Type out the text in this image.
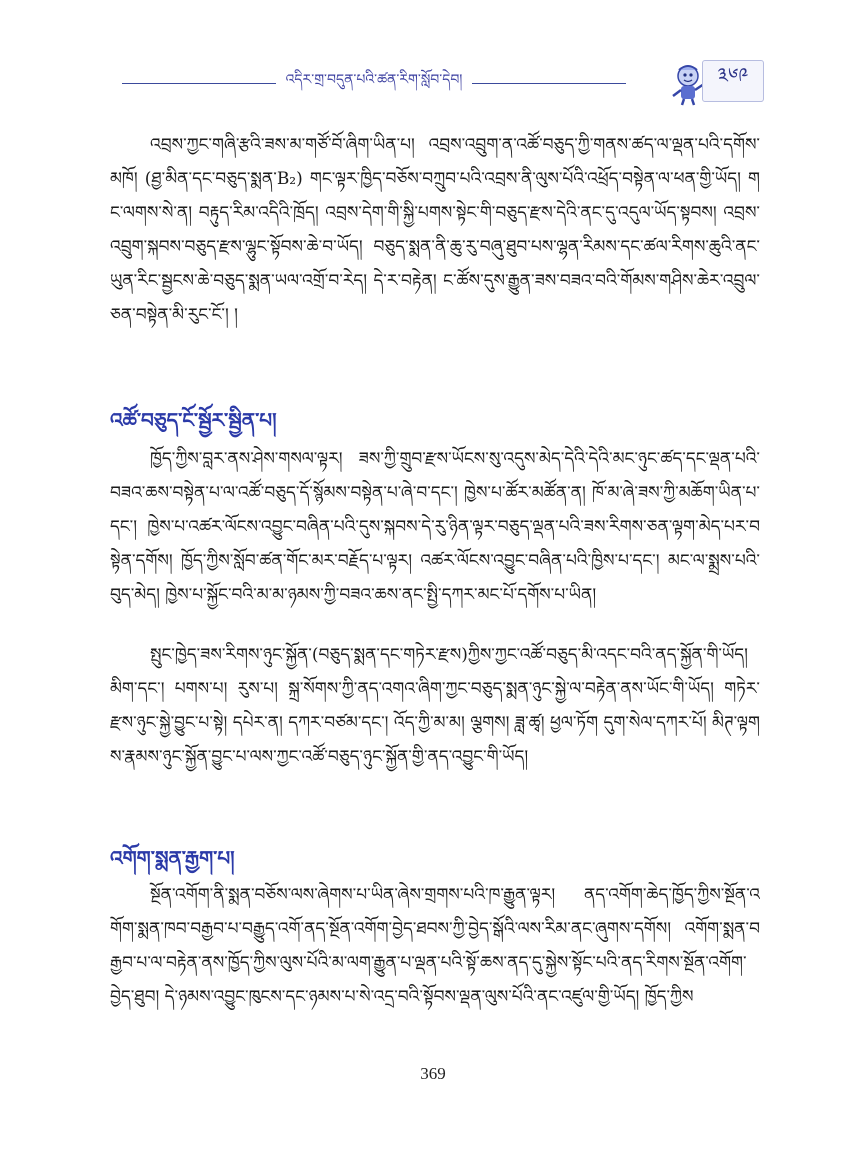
འདིར་གྲ་བདུན་པའི་ཚན་རིག་སློབ་དེབ།	༣༦༩

འབྲས་ཀྱང་གཞི་རྩའི་ཟས་མ་གཙོ་བོ་ཞིག་ཡིན་པ། འབྲས་འབྲུག་ན་འཚོ་བཅུད་ཀྱི་གནས་ཚད་ལ་ལྡན་པའི་དགོས་མཁོ། (ཐྱ་མིན་དང་བཅུད་སྨན་B₂) གང་ལྟར་ཁྱིད་བཅོས་བཀྲུབ་པའི་འབྲས་ནི་ལུས་པོའི་འཕྲོད་བསྟེན་ལ་ཕན་གྱི་ཡོད། གང་ལགས་སེ་ན། བརྟུད་རིམ་འདིའི་ཁྲོད། འབྲས་དེག་གི་སྐྱི་པགས་སྟེང་གི་བཅུད་རྫས་དེའི་ནང་དུ་འདུལ་ཡོད་སྟབས། འབྲས་འབྲུག་སྐབས་བཅུད་རྫས་ལྷུང་སྟོབས་ཆེ་བ་ཡོད། བཅུད་སྨན་ནི་ཆུ་རུ་བཞུ་ཐུབ་པས་ལྷན་རིམས་དང་ཚལ་རིགས་ཆུའི་ནང་ཡུན་རིང་སྦྱངས་ཆེ་བཅུད་སྨན་ཡལ་འགྲོ་བ་རེད། དེ་ར་བརྟེན། ང་ཚོས་དུས་རྒྱུན་ཟས་བཟའ་བའི་གོམས་གཤིས་ཆེར་འབྲུལ་ཅན་བསྟེན་མི་རུང་ངོ་། །

འཚོ་བཅུད་ངོ་སྦྱོར་སྦྱིན་པ།

ཁྱོད་ཀྱིས་བླར་ནས་ཤེས་གསལ་ལྟར། ཟས་ཀྱི་གྲུབ་རྫས་ཡོངས་སུ་འདུས་མེད་དེའི་དེའི་མང་ཉུང་ཚད་དང་ལྡན་པའི་བཟའ་ཆས་བསྟེན་པ་ལ་འཚོ་བཅུད་དོ་སྙོམས་བསྟེན་པ་ཞེ་བ་དང་། ཁྱེས་པ་ཚོར་མཚོན་ན། ཁོ་མ་ཞེ་ཟས་ཀྱི་མཆོག་ཡིན་པ་དང་། ཁྱེས་པ་འཚར་ལོངས་འབྱུང་བཞིན་པའི་དུས་སྐབས་དེ་རུ་ཉིན་ལྟར་བཅུད་ལྡན་པའི་ཟས་རིགས་ཅན་ལྟག་མེད་པར་བསྟེན་དགོས། ཁྱོད་ཀྱིས་སློབ་ཚན་གོང་མར་བརྗོད་པ་ལྟར། འཚར་ལོངས་འབྱུང་བཞིན་པའི་ཁྱིས་པ་དང་། མང་ལ་སྨྲས་པའི་བུད་མེད། ཁྱེས་པ་སྐྱོང་བའི་མ་མ་ཉམས་ཀྱི་བཟའ་ཆས་ནང་སྤྱི་དཀར་མང་པོ་དགོས་པ་ཡིན།

སྤུང་ཁྱེད་ཟས་རིགས་ཉུང་སྐྱོན་(བཅུད་སྨན་དང་གཏེར་རྫས)ཀྱིས་ཀྱང་འཚོ་བཅུད་མི་འདང་བའི་ནད་སྐྱོན་གི་ཡོད། མིག་དང་། པགས་པ། རུས་པ། སྐྲ་སོགས་ཀྱི་ནད་འགའ་ཞིག་ཀྱང་བཅུད་སྨན་ཉུང་སྐྱེ་ལ་བརྟེན་ནས་ཡོང་གི་ཡོད། གཏེར་རྫས་ཉུང་སྐྱེ་བྱུང་པ་སྟེ། དཔེར་ན། དཀར་བཙམ་དང་། འོད་ཀྱི་མ་མ། ལྕགས། ཟླ་ཚྭ། ཕྱལ་ཏོག དུག་སེལ་དཀར་པོ། མིཊ་ལྟགས་རྣམས་ཉུང་སྐྱོན་བྱུང་པ་ལས་ཀྱང་འཚོ་བཅུད་ཉུང་སྐྱོན་གྱི་ནད་འབྱུང་གི་ཡོད།

འགོག་སྨན་རྒྱག་པ།

སྔོན་འགོག་ནི་སྨན་བཅོས་ལས་ཞེགས་པ་ཡིན་ཞེས་གྲགས་པའི་ཁ་རྒྱུན་ལྟར། ནད་འགོག་ཆེད་ཁྱོད་ཀྱིས་སྔོན་འགོག་སྨན་ཁབ་བརྒྱབ་པ་བརྒྱུད་འགོ་ནད་སྔོན་འགོག་བྱེད་ཐབས་ཀྱི་བྱེད་སྒོའི་ལས་རིམ་ནང་ཞུགས་དགོས། འགོག་སྨན་བརྒྱབ་པ་ལ་བརྟེན་ནས་ཁྱོད་ཀྱིས་ལུས་པོའི་མ་ལག་རྒྱུན་པ་ལྡན་པའི་སྟོ་ཆས་ནད་དུ་སྐྱེས་སྟོང་པའི་ནད་རིགས་སྔོན་འགོག་བྱེད་ཐུབ། དེ་ཉམས་འབྱུང་ཁུངས་དང་ཉམས་པ་སེ་འདྲ་བའི་སྟོབས་ལྡན་ལུས་པོའི་ནང་འཛུལ་གྱི་ཡོད། ཁྱོད་ཀྱིས

369
